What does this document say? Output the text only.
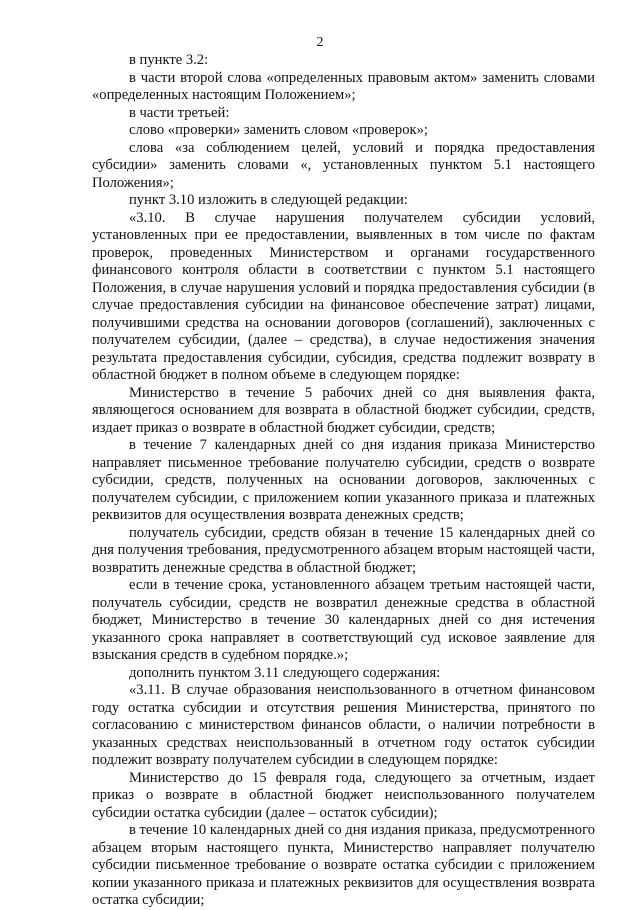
2

в пункте 3.2:

в части второй слова «определенных правовым актом» заменить словами «определенных настоящим Положением»;

в части третьей:

слово «проверки» заменить словом «проверок»;

слова «за соблюдением целей, условий и порядка предоставления субсидии» заменить словами «, установленных пунктом 5.1 настоящего Положения»;

пункт 3.10 изложить в следующей редакции:

«3.10. В случае нарушения получателем субсидии условий, установленных при ее предоставлении, выявленных в том числе по фактам проверок, проведенных Министерством и органами государственного финансового контроля области в соответствии с пунктом 5.1 настоящего Положения, в случае нарушения условий и порядка предоставления субсидии (в случае предоставления субсидии на финансовое обеспечение затрат) лицами, получившими средства на основании договоров (соглашений), заключенных с получателем субсидии, (далее – средства), в случае недостижения значения результата предоставления субсидии, субсидия, средства подлежит возврату в областной бюджет в полном объеме в следующем порядке:

Министерство в течение 5 рабочих дней со дня выявления факта, являющегося основанием для возврата в областной бюджет субсидии, средств, издает приказ о возврате в областной бюджет субсидии, средств;

в течение 7 календарных дней со дня издания приказа Министерство направляет письменное требование получателю субсидии, средств о возврате субсидии, средств, полученных на основании договоров, заключенных с получателем субсидии, с приложением копии указанного приказа и платежных реквизитов для осуществления возврата денежных средств;

получатель субсидии, средств обязан в течение 15 календарных дней со дня получения требования, предусмотренного абзацем вторым настоящей части, возвратить денежные средства в областной бюджет;

если в течение срока, установленного абзацем третьим настоящей части, получатель субсидии, средств не возвратил денежные средства в областной бюджет, Министерство в течение 30 календарных дней со дня истечения указанного срока направляет в соответствующий суд исковое заявление для взыскания средств в судебном порядке.»;

дополнить пунктом 3.11 следующего содержания:

«3.11. В случае образования неиспользованного в отчетном финансовом году остатка субсидии и отсутствия решения Министерства, принятого по согласованию с министерством финансов области, о наличии потребности в указанных средствах неиспользованный в отчетном году остаток субсидии подлежит возврату получателем субсидии в следующем порядке:

Министерство до 15 февраля года, следующего за отчетным, издает приказ о возврате в областной бюджет неиспользованного получателем субсидии остатка субсидии (далее – остаток субсидии);

в течение 10 календарных дней со дня издания приказа, предусмотренного абзацем вторым настоящего пункта, Министерство направляет получателю субсидии письменное требование о возврате остатка субсидии с приложением копии указанного приказа и платежных реквизитов для осуществления возврата остатка субсидии;
